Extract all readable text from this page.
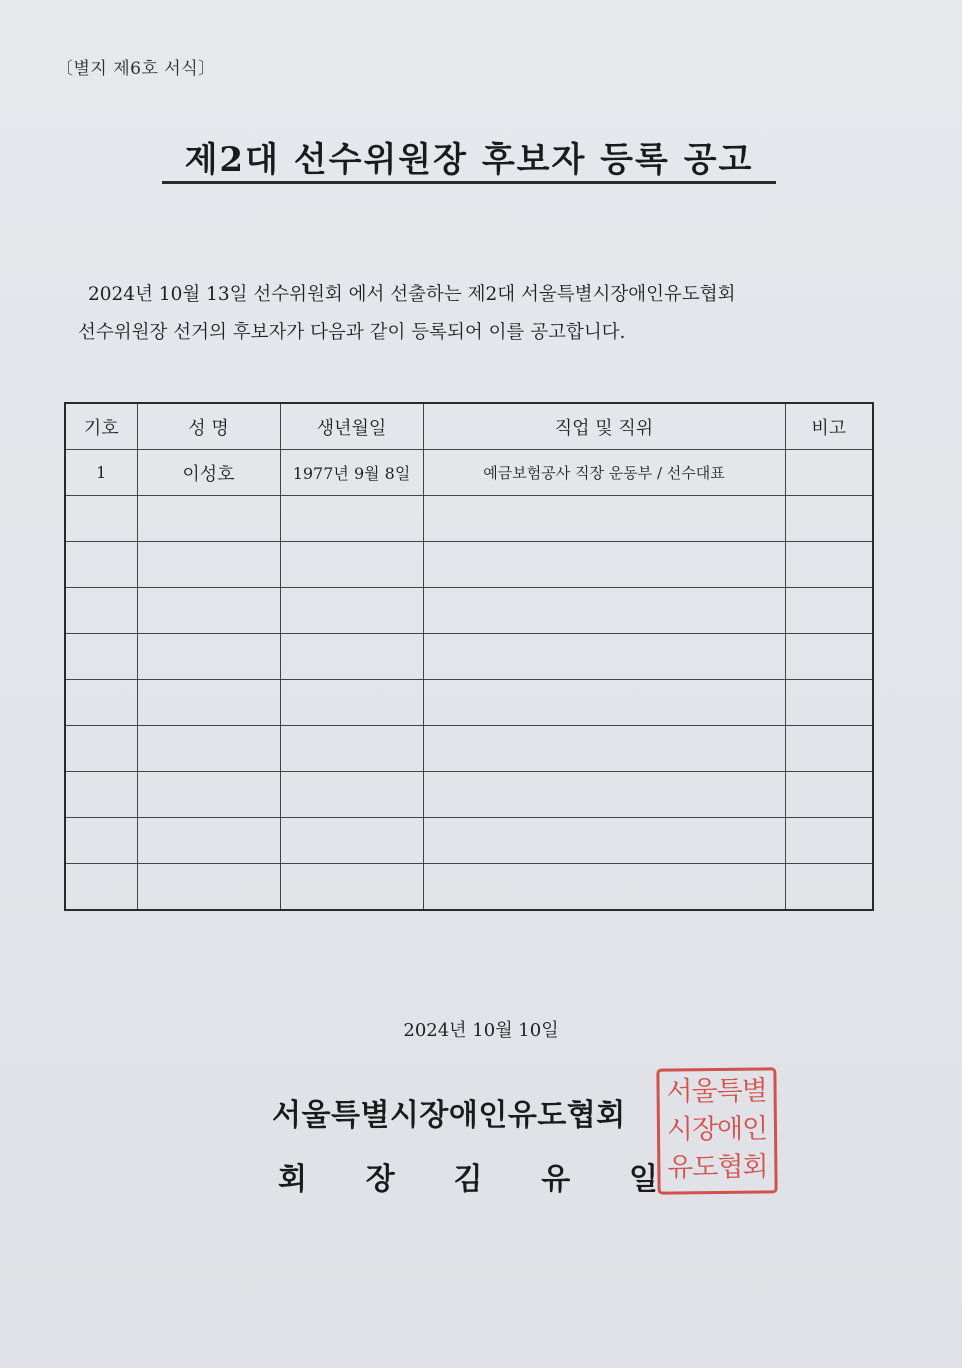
〔별지 제6호 서식〕
제2대 선수위원장 후보자 등록 공고
2024년 10월 13일 선수위원회 에서 선출하는 제2대 서울특별시장애인유도협회
선수위원장 선거의 후보자가 다음과 같이 등록되어 이를 공고합니다.
기호	성 명	생년월일	직업 및 직위	비고
1	이성호	1977년 9월 8일	예금보험공사 직장 운동부 / 선수대표	

2024년 10월 10일
서울특별시장애인유도협회
회 장 김 유 일
서울특별
시장애인
유도협회
